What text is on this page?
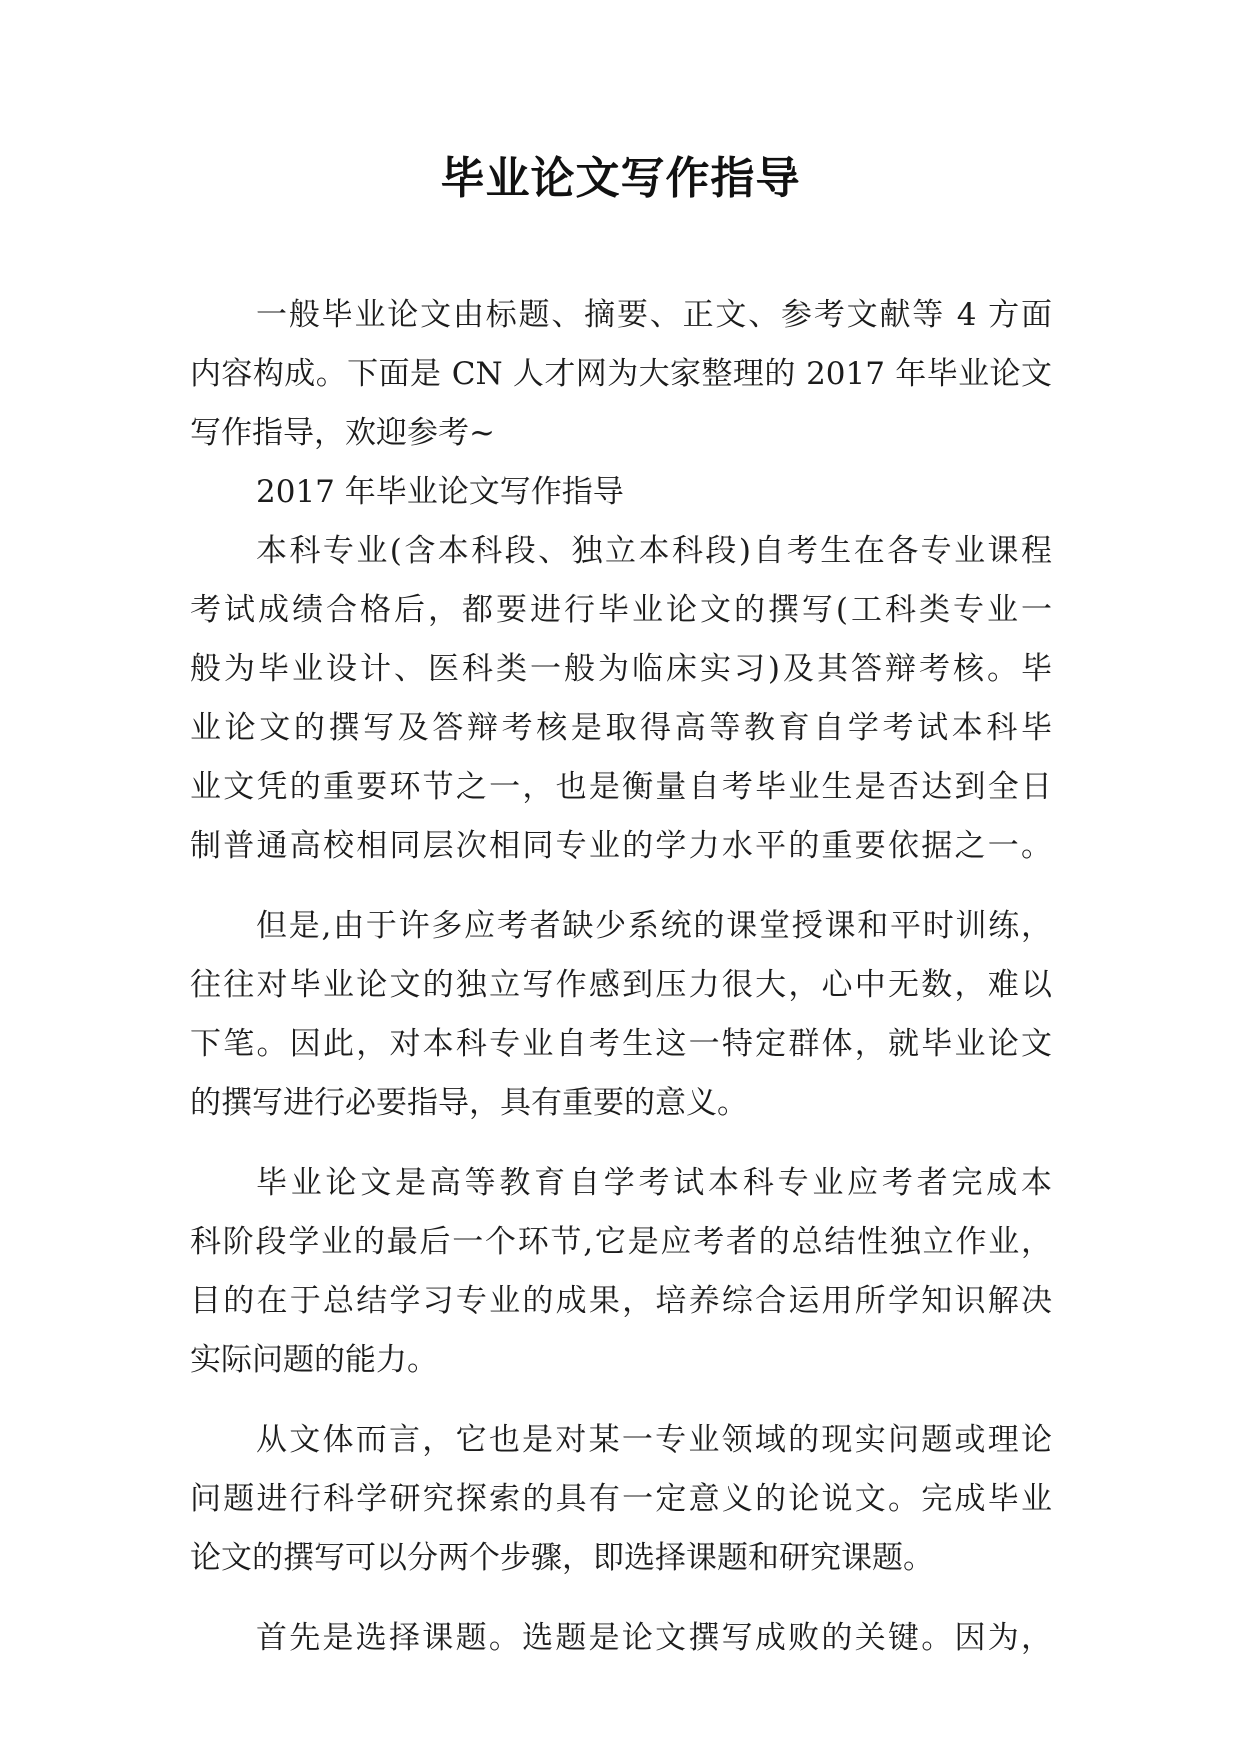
毕业论文写作指导
一般毕业论文由标题、摘要、正文、参考文献等 4 方面
内容构成。下面是 CN 人才网为大家整理的 2017 年毕业论文
写作指导，欢迎参考~
2017 年毕业论文写作指导
本科专业(含本科段、独立本科段)自考生在各专业课程
考试成绩合格后，都要进行毕业论文的撰写(工科类专业一
般为毕业设计、医科类一般为临床实习)及其答辩考核。毕
业论文的撰写及答辩考核是取得高等教育自学考试本科毕
业文凭的重要环节之一，也是衡量自考毕业生是否达到全日
制普通高校相同层次相同专业的学力水平的重要依据之一。
但是,由于许多应考者缺少系统的课堂授课和平时训练，
往往对毕业论文的独立写作感到压力很大，心中无数，难以
下笔。因此，对本科专业自考生这一特定群体，就毕业论文
的撰写进行必要指导，具有重要的意义。
毕业论文是高等教育自学考试本科专业应考者完成本
科阶段学业的最后一个环节,它是应考者的总结性独立作业，
目的在于总结学习专业的成果，培养综合运用所学知识解决
实际问题的能力。
从文体而言，它也是对某一专业领域的现实问题或理论
问题进行科学研究探索的具有一定意义的论说文。完成毕业
论文的撰写可以分两个步骤，即选择课题和研究课题。
首先是选择课题。选题是论文撰写成败的关键。因为，
